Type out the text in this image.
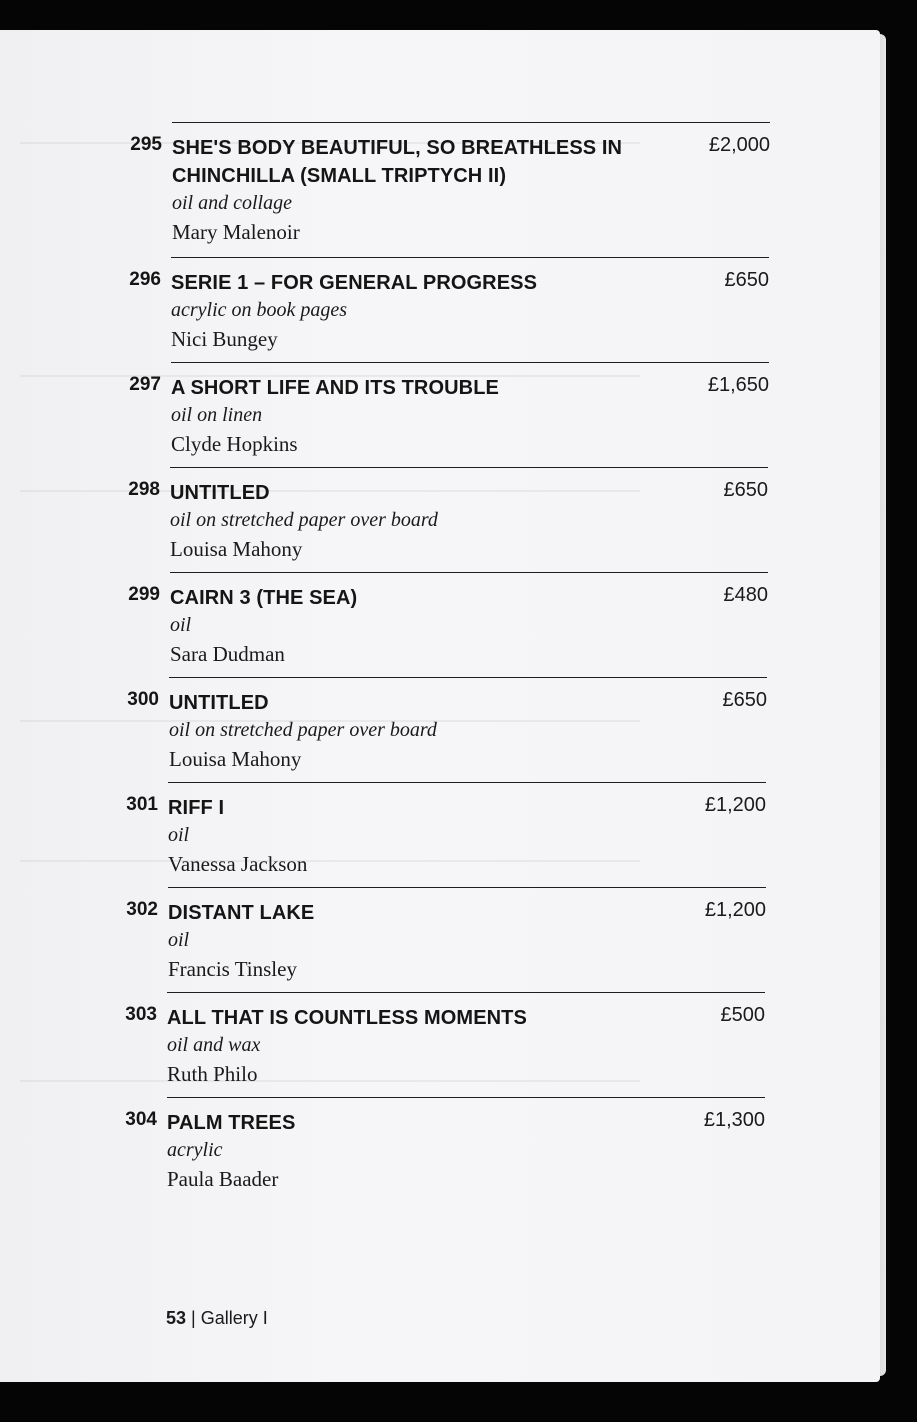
295 SHE'S BODY BEAUTIFUL, SO BREATHLESS IN
CHINCHILLA (SMALL TRIPTYCH II)
£2,000
oil and collage
Mary Malenoir
296 SERIE 1 – FOR GENERAL PROGRESS	£650
acrylic on book pages
Nici Bungey
297 A SHORT LIFE AND ITS TROUBLE	£1,650
oil on linen
Clyde Hopkins
298 UNTITLED	£650
oil on stretched paper over board
Louisa Mahony
299 CAIRN 3 (THE SEA)	£480
oil
Sara Dudman
300 UNTITLED	£650
oil on stretched paper over board
Louisa Mahony
301 RIFF I	£1,200
oil
Vanessa Jackson
302 DISTANT LAKE	£1,200
oil
Francis Tinsley
303 ALL THAT IS COUNTLESS MOMENTS	£500
oil and wax
Ruth Philo
304 PALM TREES	£1,300
acrylic
Paula Baader
53 | Gallery I
